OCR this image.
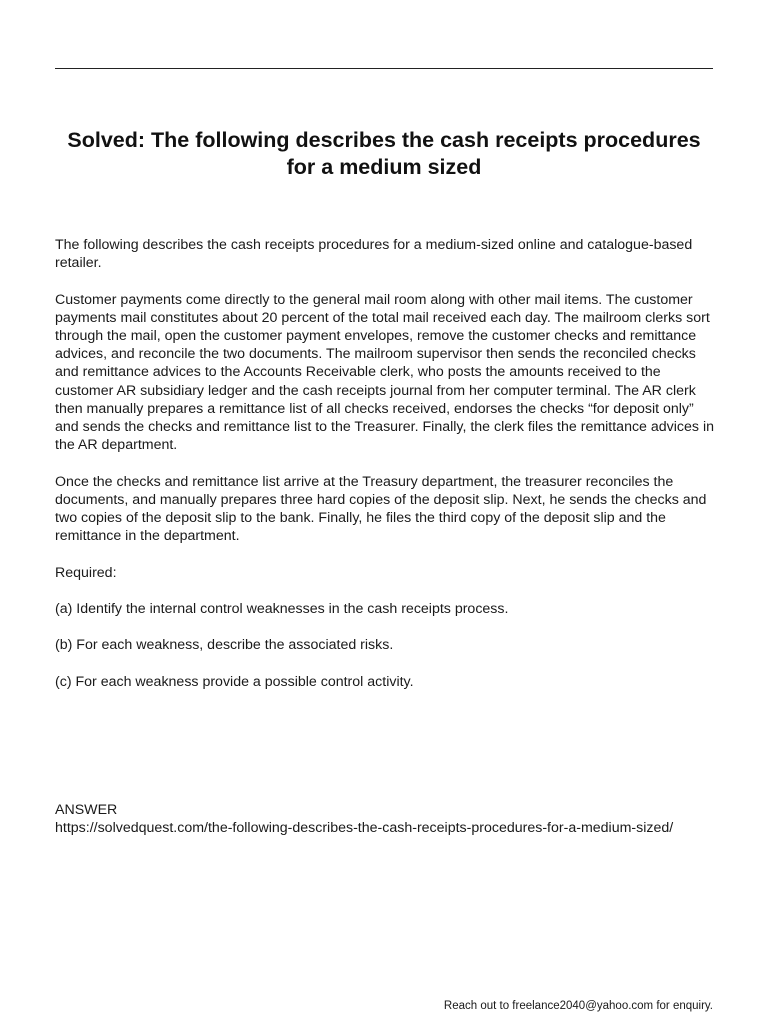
Solved: The following describes the cash receipts procedures for a medium sized

The following describes the cash receipts procedures for a medium-sized online and catalogue-based retailer.

Customer payments come directly to the general mail room along with other mail items. The customer payments mail constitutes about 20 percent of the total mail received each day. The mailroom clerks sort through the mail, open the customer payment envelopes, remove the customer checks and remittance advices, and reconcile the two documents. The mailroom supervisor then sends the reconciled checks and remittance advices to the Accounts Receivable clerk, who posts the amounts received to the customer AR subsidiary ledger and the cash receipts journal from her computer terminal. The AR clerk then manually prepares a remittance list of all checks received, endorses the checks “for deposit only” and sends the checks and remittance list to the Treasurer. Finally, the clerk files the remittance advices in the AR department.

Once the checks and remittance list arrive at the Treasury department, the treasurer reconciles the documents, and manually prepares three hard copies of the deposit slip. Next, he sends the checks and two copies of the deposit slip to the bank. Finally, he files the third copy of the deposit slip and the remittance in the department.

Required:

(a) Identify the internal control weaknesses in the cash receipts process.

(b) For each weakness, describe the associated risks.

(c) For each weakness provide a possible control activity.

ANSWER

https://solvedquest.com/the-following-describes-the-cash-receipts-procedures-for-a-medium-sized/

Reach out to freelance2040@yahoo.com for enquiry.
